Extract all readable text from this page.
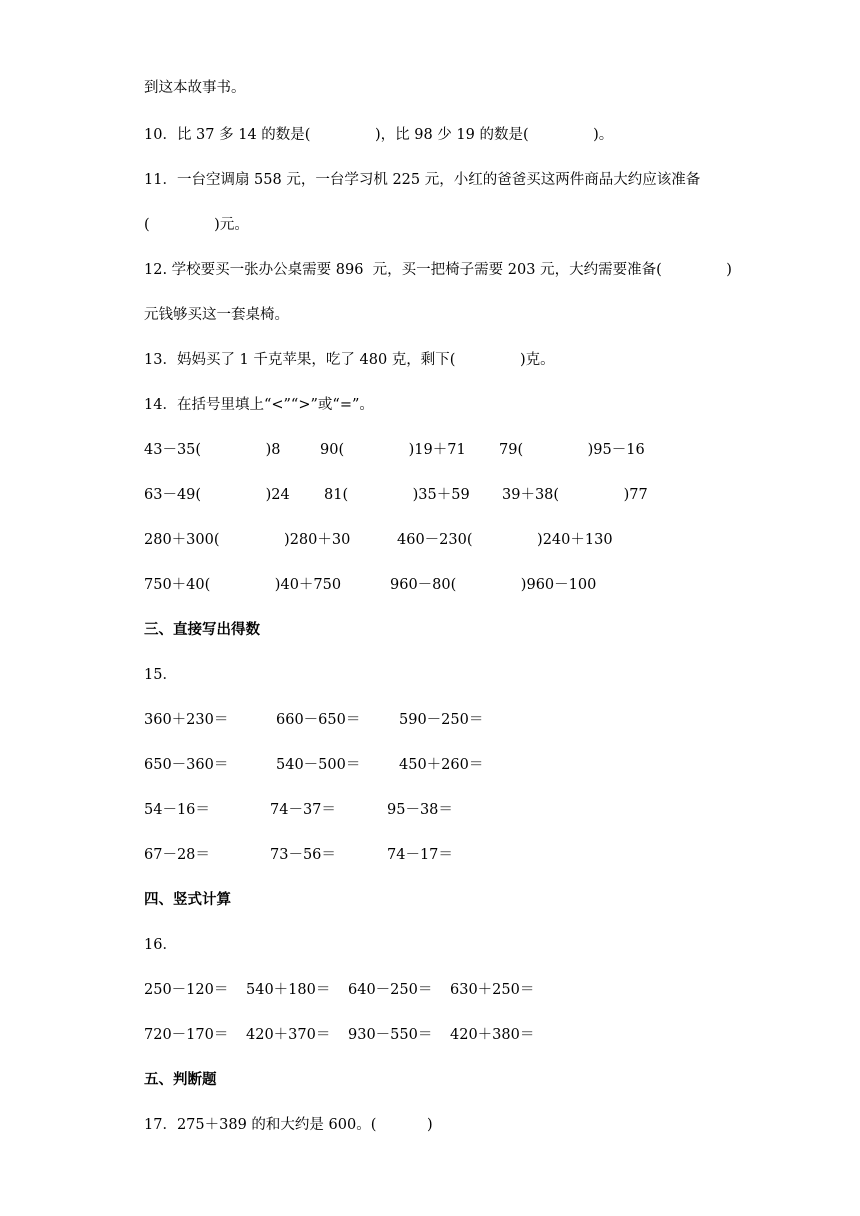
到这本故事书。
10．比 37 多 14 的数是(              )，比 98 少 19 的数是(              )。
11．一台空调扇 558 元，一台学习机 225 元，小红的爸爸买这两件商品大约应该准备
(              )元。
12. 学校要买一张办公桌需要 896  元，买一把椅子需要 203 元，大约需要准备(              )
元钱够买这一套桌椅。
13．妈妈买了 1 千克苹果，吃了 480 克，剩下(              )克。
14．在括号里填上“<”“>”或“=”。
43－35(              )8	90(              )19＋71 79(              )95－16
63－49(              )24 81(              )35＋59 39＋38(              )77
280＋300(              )280＋30	460－230(              )240＋130
750＋40(              )40＋750	960－80(              )960－100
三、直接写出得数
15．
360＋230＝	660－650＝	590－250＝
650－360＝	540－500＝	450＋260＝
54－16＝	74－37＝	95－38＝
67－28＝	73－56＝	74－17＝
四、竖式计算
16．
250－120＝ 540＋180＝ 640－250＝ 630＋250＝
720－170＝ 420＋370＝ 930－550＝ 420＋380＝
五、判断题
17．275＋389 的和大约是 600。(           )
